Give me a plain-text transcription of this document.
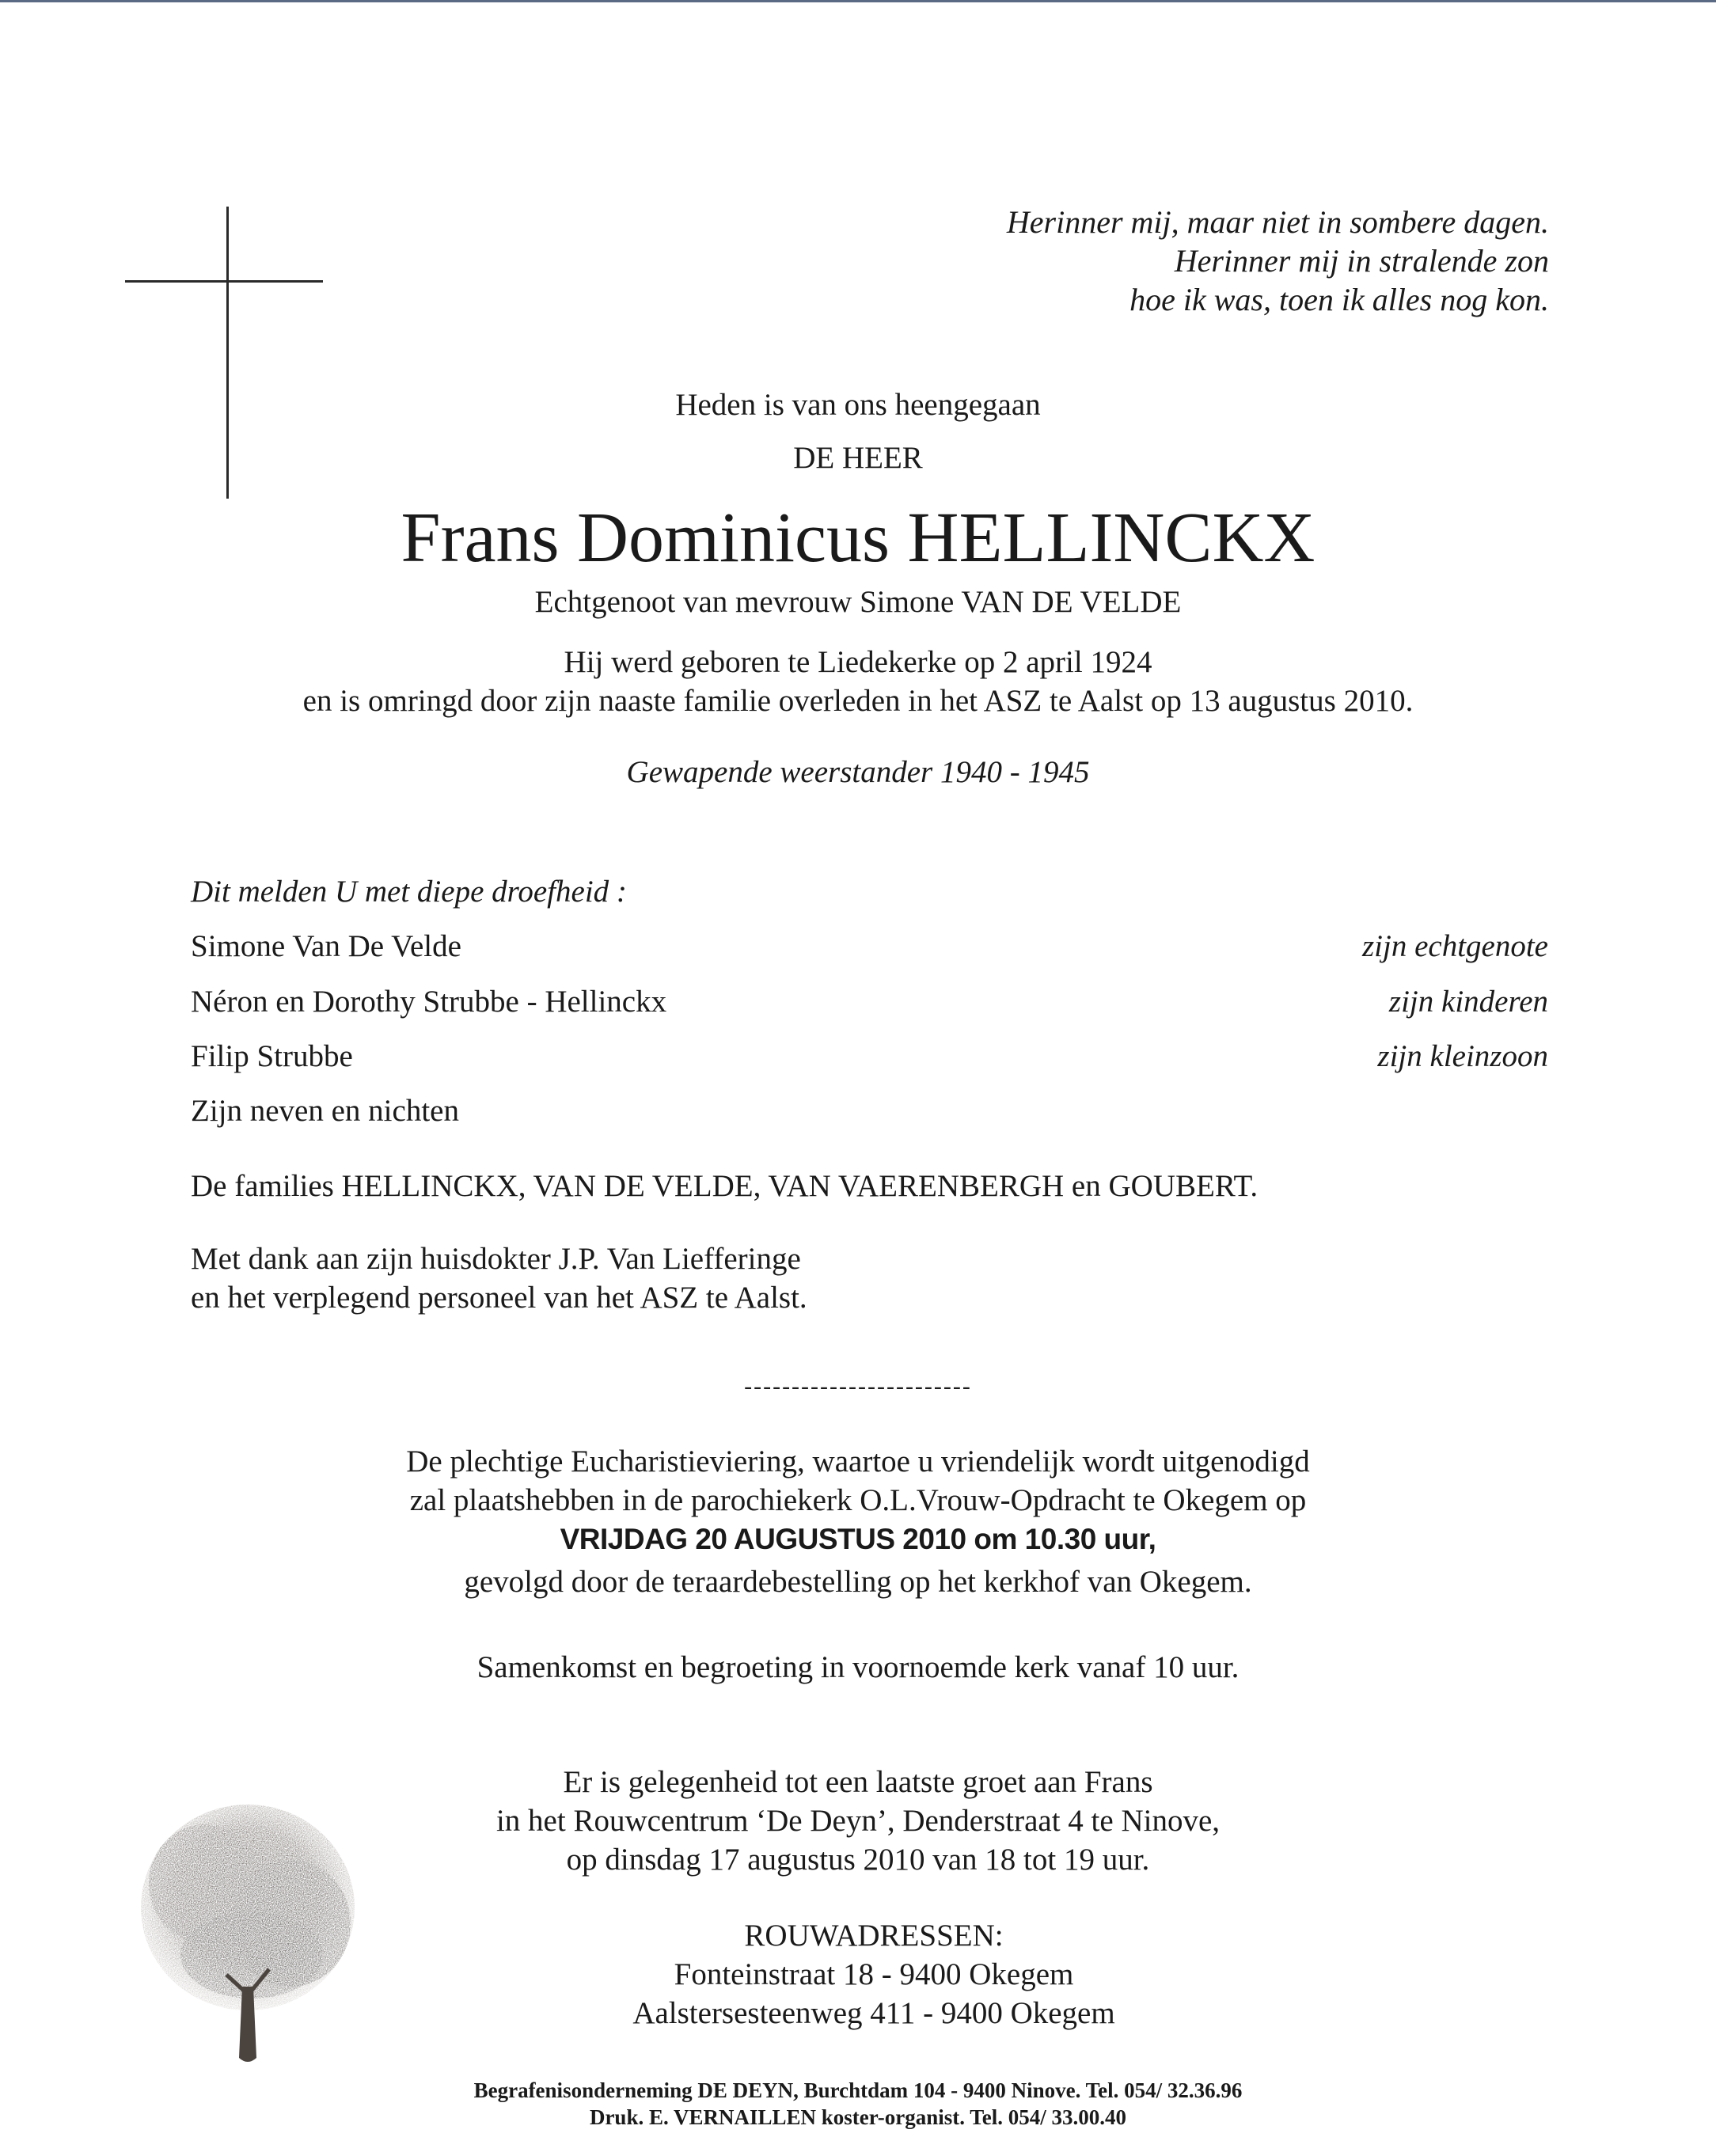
Herinner mij, maar niet in sombere dagen.
Herinner mij in stralende zon
hoe ik was, toen ik alles nog kon.
Heden is van ons heengegaan
DE HEER
Frans Dominicus HELLINCKX
Echtgenoot van mevrouw Simone VAN DE VELDE
Hij werd geboren te Liedekerke op 2 april 1924
en is omringd door zijn naaste familie overleden in het ASZ te Aalst op 13 augustus 2010.
Gewapende weerstander 1940 - 1945
Dit melden U met diepe droefheid :
Simone Van De Velde	zijn echtgenote
Néron en Dorothy Strubbe - Hellinckx	zijn kinderen
Filip Strubbe	zijn kleinzoon
Zijn neven en nichten
De families HELLINCKX, VAN DE VELDE, VAN VAERENBERGH en GOUBERT.
Met dank aan zijn huisdokter J.P. Van Liefferinge
en het verplegend personeel van het ASZ te Aalst.
------------------------
De plechtige Eucharistieviering, waartoe u vriendelijk wordt uitgenodigd
zal plaatshebben in de parochiekerk O.L.Vrouw-Opdracht te Okegem op
VRIJDAG 20 AUGUSTUS 2010 om 10.30 uur,
gevolgd door de teraardebestelling op het kerkhof van Okegem.
Samenkomst en begroeting in voornoemde kerk vanaf 10 uur.
Er is gelegenheid tot een laatste groet aan Frans
in het Rouwcentrum ‘De Deyn’, Denderstraat 4 te Ninove,
op dinsdag 17 augustus 2010 van 18 tot 19 uur.
ROUWADRESSEN:
Fonteinstraat 18 - 9400 Okegem
Aalstersesteenweg 411 - 9400 Okegem
Begrafenisonderneming DE DEYN, Burchtdam 104 - 9400 Ninove. Tel. 054/ 32.36.96
Druk. E. VERNAILLEN koster-organist. Tel. 054/ 33.00.40
